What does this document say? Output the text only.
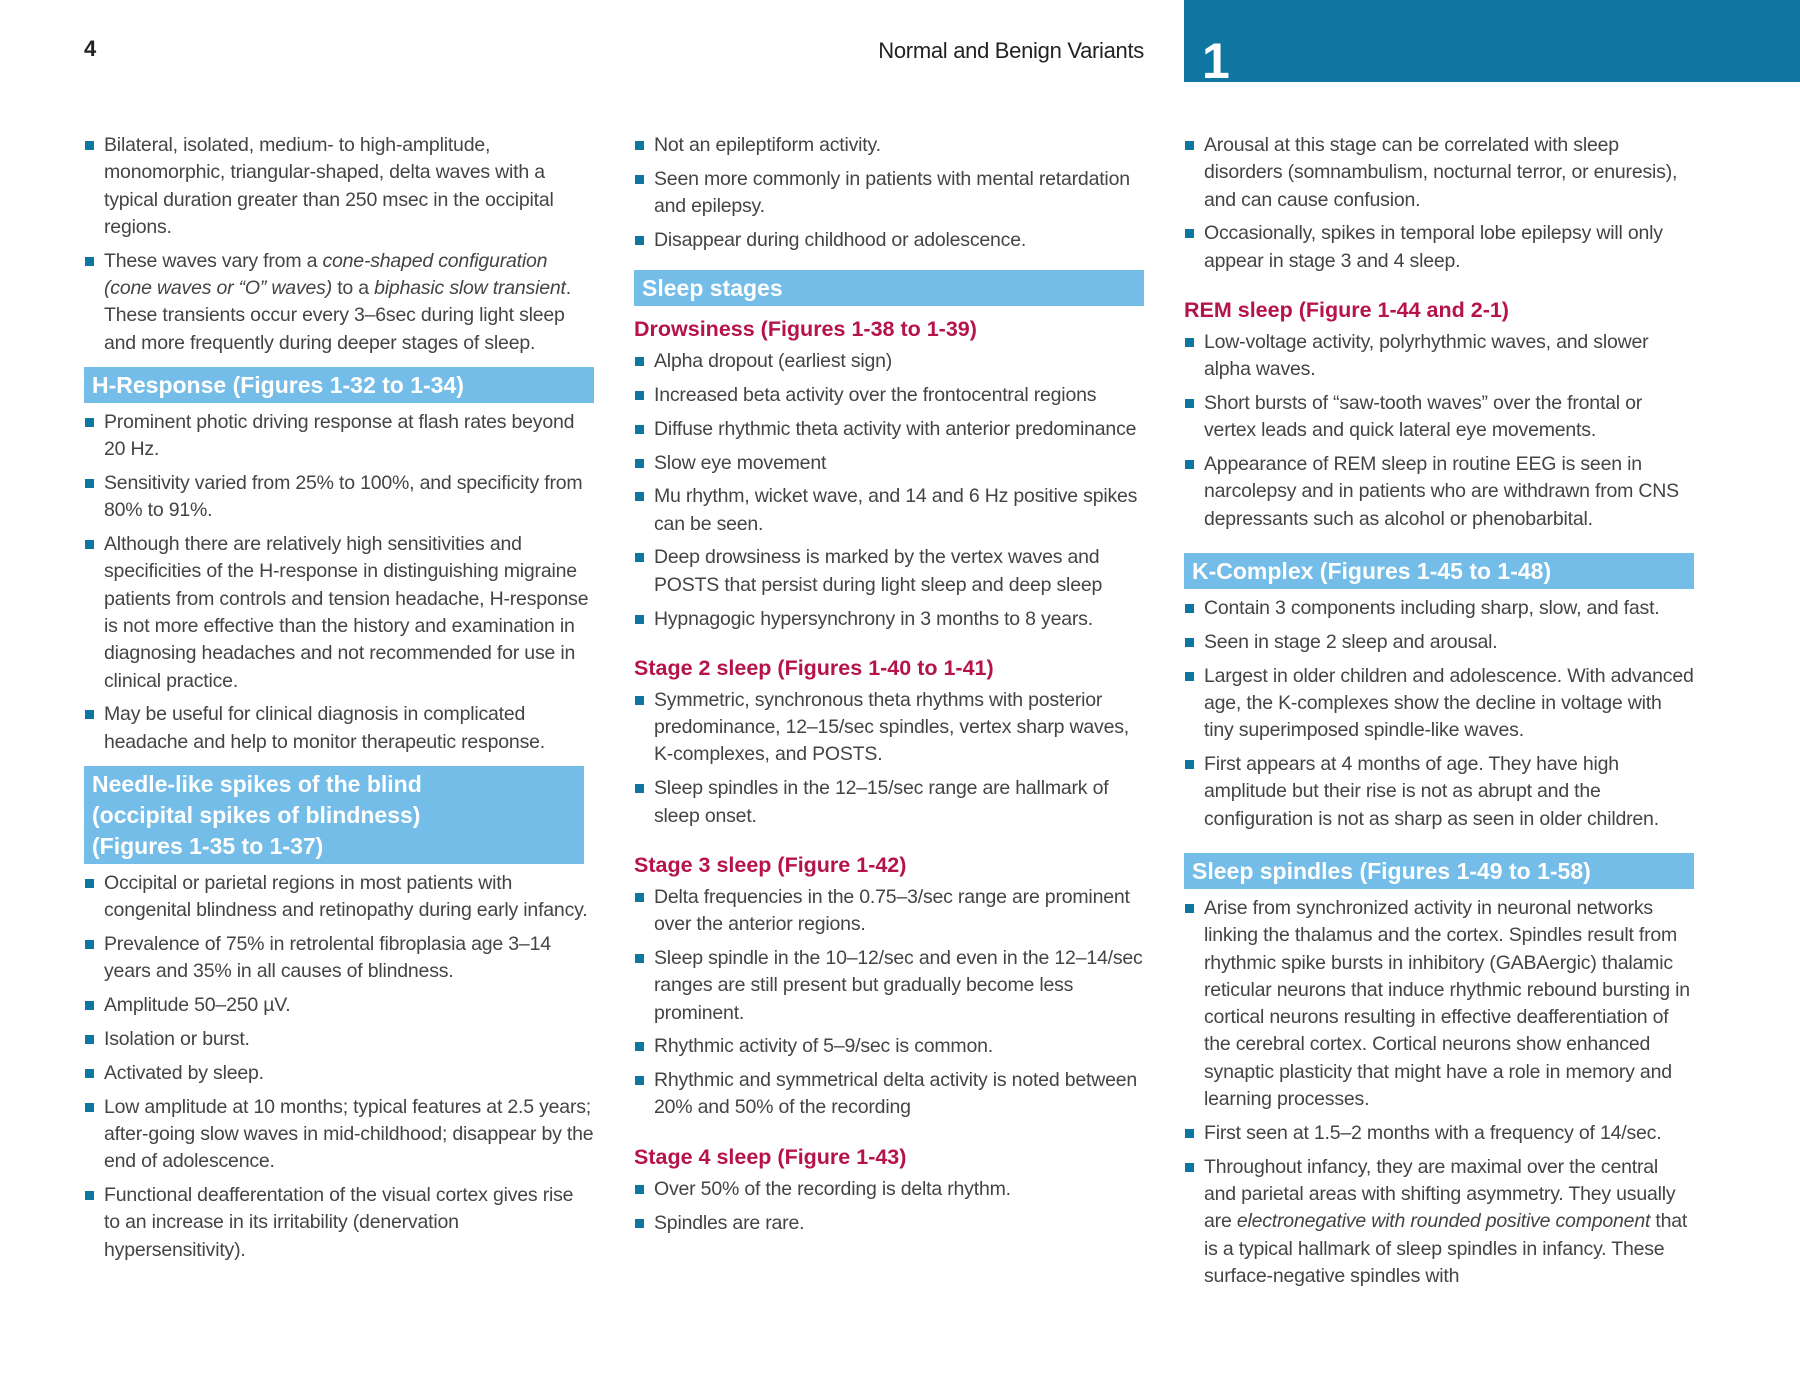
4	Normal and Benign Variants 1
Bilateral, isolated, medium- to high-amplitude, monomorphic, triangular-shaped, delta waves with a typical duration greater than 250 msec in the occipital regions.
These waves vary from a cone-shaped configuration (cone waves or “O” waves) to a biphasic slow transient. These transients occur every 3–6sec during light sleep and more frequently during deeper stages of sleep.
H-Response (Figures 1-32 to 1-34)
Prominent photic driving response at flash rates beyond 20 Hz.
Sensitivity varied from 25% to 100%, and specificity from 80% to 91%.
Although there are relatively high sensitivities and specificities of the H-response in distinguishing migraine patients from controls and tension headache, H-response is not more effective than the history and examination in diagnosing headaches and not recommended for use in clinical practice.
May be useful for clinical diagnosis in complicated headache and help to monitor therapeutic response.
Needle-like spikes of the blind (occipital spikes of blindness) (Figures 1-35 to 1-37)
Occipital or parietal regions in most patients with congenital blindness and retinopathy during early infancy.
Prevalence of 75% in retrolental fibroplasia age 3–14 years and 35% in all causes of blindness.
Amplitude 50–250 µV.
Isolation or burst.
Activated by sleep.
Low amplitude at 10 months; typical features at 2.5 years; after-going slow waves in mid-childhood; disappear by the end of adolescence.
Functional deafferentation of the visual cortex gives rise to an increase in its irritability (denervation hypersensitivity).
Not an epileptiform activity.
Seen more commonly in patients with mental retardation and epilepsy.
Disappear during childhood or adolescence.
Sleep stages
Drowsiness (Figures 1-38 to 1-39)
Alpha dropout (earliest sign)
Increased beta activity over the frontocentral regions
Diffuse rhythmic theta activity with anterior predominance
Slow eye movement
Mu rhythm, wicket wave, and 14 and 6 Hz positive spikes can be seen.
Deep drowsiness is marked by the vertex waves and POSTS that persist during light sleep and deep sleep
Hypnagogic hypersynchrony in 3 months to 8 years.
Stage 2 sleep (Figures 1-40 to 1-41)
Symmetric, synchronous theta rhythms with posterior predominance, 12–15/sec spindles, vertex sharp waves, K-complexes, and POSTS.
Sleep spindles in the 12–15/sec range are hallmark of sleep onset.
Stage 3 sleep (Figure 1-42)
Delta frequencies in the 0.75–3/sec range are prominent over the anterior regions.
Sleep spindle in the 10–12/sec and even in the 12–14/sec ranges are still present but gradually become less prominent.
Rhythmic activity of 5–9/sec is common.
Rhythmic and symmetrical delta activity is noted between 20% and 50% of the recording
Stage 4 sleep (Figure 1-43)
Over 50% of the recording is delta rhythm.
Spindles are rare.
Arousal at this stage can be correlated with sleep disorders (somnambulism, nocturnal terror, or enuresis), and can cause confusion.
Occasionally, spikes in temporal lobe epilepsy will only appear in stage 3 and 4 sleep.
REM sleep (Figure 1-44 and 2-1)
Low-voltage activity, polyrhythmic waves, and slower alpha waves.
Short bursts of “saw-tooth waves” over the frontal or vertex leads and quick lateral eye movements.
Appearance of REM sleep in routine EEG is seen in narcolepsy and in patients who are withdrawn from CNS depressants such as alcohol or phenobarbital.
K-Complex (Figures 1-45 to 1-48)
Contain 3 components including sharp, slow, and fast.
Seen in stage 2 sleep and arousal.
Largest in older children and adolescence. With advanced age, the K-complexes show the decline in voltage with tiny superimposed spindle-like waves.
First appears at 4 months of age. They have high amplitude but their rise is not as abrupt and the configuration is not as sharp as seen in older children.
Sleep spindles (Figures 1-49 to 1-58)
Arise from synchronized activity in neuronal networks linking the thalamus and the cortex. Spindles result from rhythmic spike bursts in inhibitory (GABAergic) thalamic reticular neurons that induce rhythmic rebound bursting in cortical neurons resulting in effective deafferentiation of the cerebral cortex. Cortical neurons show enhanced synaptic plasticity that might have a role in memory and learning processes.
First seen at 1.5–2 months with a frequency of 14/sec.
Throughout infancy, they are maximal over the central and parietal areas with shifting asymmetry. They usually are electronegative with rounded positive component that is a typical hallmark of sleep spindles in infancy. These surface-negative spindles with
